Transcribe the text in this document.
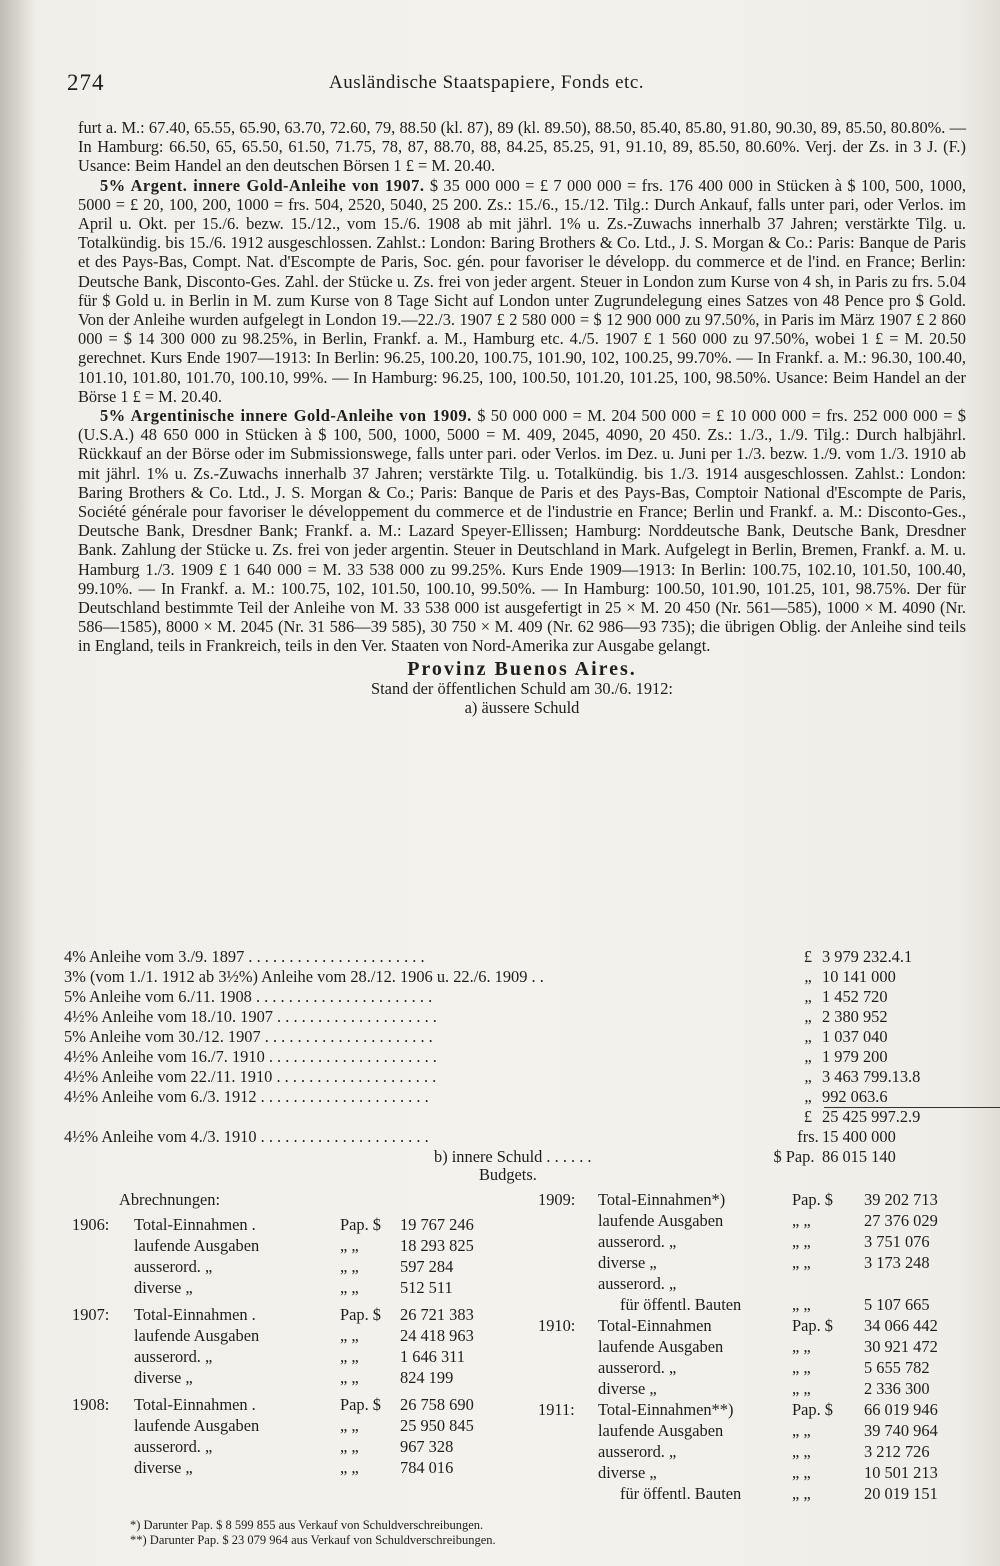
274	Ausländische Staatspapiere, Fonds etc.

furt a. M.: 67.40, 65.55, 65.90, 63.70, 72.60, 79, 88.50 (kl. 87), 89 (kl. 89.50), 88.50, 85.40, 85.80, 91.80, 90.30, 89, 85.50, 80.80%. — In Hamburg: 66.50, 65, 65.50, 61.50, 71.75, 78, 87, 88.70, 88, 84.25, 85.25, 91, 91.10, 89, 85.50, 80.60%. Verj. der Zs. in 3 J. (F.) Usance: Beim Handel an den deutschen Börsen 1 £ = M. 20.40.

5% Argent. innere Gold-Anleihe von 1907. $ 35 000 000 = £ 7 000 000 = frs. 176 400 000 in Stücken à $ 100, 500, 1000, 5000 = £ 20, 100, 200, 1000 = frs. 504, 2520, 5040, 25 200. Zs.: 15./6., 15./12. Tilg.: Durch Ankauf, falls unter pari, oder Verlos. im April u. Okt. per 15./6. bezw. 15./12., vom 15./6. 1908 ab mit jährl. 1% u. Zs.-Zuwachs innerhalb 37 Jahren; verstärkte Tilg. u. Totalkündig. bis 15./6. 1912 ausgeschlossen. Zahlst.: London: Baring Brothers & Co. Ltd., J. S. Morgan & Co.: Paris: Banque de Paris et des Pays-Bas, Compt. Nat. d'Escompte de Paris, Soc. gén. pour favoriser le développ. du commerce et de l'ind. en France; Berlin: Deutsche Bank, Disconto-Ges. Zahl. der Stücke u. Zs. frei von jeder argent. Steuer in London zum Kurse von 4 sh, in Paris zu frs. 5.04 für $ Gold u. in Berlin in M. zum Kurse von 8 Tage Sicht auf London unter Zugrundelegung eines Satzes von 48 Pence pro $ Gold. Von der Anleihe wurden aufgelegt in London 19.—22./3. 1907 £ 2 580 000 = $ 12 900 000 zu 97.50%, in Paris im März 1907 £ 2 860 000 = $ 14 300 000 zu 98.25%, in Berlin, Frankf. a. M., Hamburg etc. 4./5. 1907 £ 1 560 000 zu 97.50%, wobei 1 £ = M. 20.50 gerechnet. Kurs Ende 1907—1913: In Berlin: 96.25, 100.20, 100.75, 101.90, 102, 100.25, 99.70%. — In Frankf. a. M.: 96.30, 100.40, 101.10, 101.80, 101.70, 100.10, 99%. — In Hamburg: 96.25, 100, 100.50, 101.20, 101.25, 100, 98.50%. Usance: Beim Handel an der Börse 1 £ = M. 20.40.

5% Argentinische innere Gold-Anleihe von 1909. $ 50 000 000 = M. 204 500 000 = £ 10 000 000 = frs. 252 000 000 = $ (U.S.A.) 48 650 000 in Stücken à $ 100, 500, 1000, 5000 = M. 409, 2045, 4090, 20 450. Zs.: 1./3., 1./9. Tilg.: Durch halbjährl. Rückkauf an der Börse oder im Submissionswege, falls unter pari. oder Verlos. im Dez. u. Juni per 1./3. bezw. 1./9. vom 1./3. 1910 ab mit jährl. 1% u. Zs.-Zuwachs innerhalb 37 Jahren; verstärkte Tilg. u. Totalkündig. bis 1./3. 1914 ausgeschlossen. Zahlst.: London: Baring Brothers & Co. Ltd., J. S. Morgan & Co.; Paris: Banque de Paris et des Pays-Bas, Comptoir National d'Escompte de Paris, Société générale pour favoriser le développement du commerce et de l'industrie en France; Berlin und Frankf. a. M.: Disconto-Ges., Deutsche Bank, Dresdner Bank; Frankf. a. M.: Lazard Speyer-Ellissen; Hamburg: Norddeutsche Bank, Deutsche Bank, Dresdner Bank. Zahlung der Stücke u. Zs. frei von jeder argentin. Steuer in Deutschland in Mark. Aufgelegt in Berlin, Bremen, Frankf. a. M. u. Hamburg 1./3. 1909 £ 1 640 000 = M. 33 538 000 zu 99.25%. Kurs Ende 1909—1913: In Berlin: 100.75, 102.10, 101.50, 100.40, 99.10%. — In Frankf. a. M.: 100.75, 102, 101.50, 100.10, 99.50%. — In Hamburg: 100.50, 101.90, 101.25, 101, 98.75%. Der für Deutschland bestimmte Teil der Anleihe von M. 33 538 000 ist ausgefertigt in 25 × M. 20 450 (Nr. 561—585), 1000 × M. 4090 (Nr. 586—1585), 8000 × M. 2045 (Nr. 31 586—39 585), 30 750 × M. 409 (Nr. 62 986—93 735); die übrigen Oblig. der Anleihe sind teils in England, teils in Frankreich, teils in den Ver. Staaten von Nord-Amerika zur Ausgabe gelangt.

Provinz Buenos Aires.
Stand der öffentlichen Schuld am 30./6. 1912:
a) äussere Schuld
4% Anleihe vom 3./9. 1897 . . . . . . . . . . . . . . . . . . . . . .	£ 3 979 232.4.1
3% (vom 1./1. 1912 ab 3½%) Anleihe vom 28./12. 1906 u. 22./6. 1909 . .	„ 10 141 000
5% Anleihe vom 6./11. 1908 . . . . . . . . . . . . . . . . . . . . . .	„ 1 452 720
4½% Anleihe vom 18./10. 1907 . . . . . . . . . . . . . . . . . . . .	„ 2 380 952
5% Anleihe vom 30./12. 1907 . . . . . . . . . . . . . . . . . . . . .	„ 1 037 040
4½% Anleihe vom 16./7. 1910 . . . . . . . . . . . . . . . . . . . . .	„ 1 979 200
4½% Anleihe vom 22./11. 1910 . . . . . . . . . . . . . . . . . . . .	„ 3 463 799.13.8
4½% Anleihe vom 6./3. 1912 . . . . . . . . . . . . . . . . . . . . .	„ 992 063.6
£ 25 425 997.2.9
4½% Anleihe vom 4./3. 1910 . . . . . . . . . . . . . . . . . . . . .	frs. 15 400 000
b) innere Schuld . . . . . .	$ Pap. 86 015 140
Budgets.
Abrechnungen:
1906: Total-Einnahmen .	Pap. $ 19 767 246
laufende Ausgaben	„ „	18 293 825
ausserord. „	„ „	597 284
diverse „	„ „	512 511
1907: Total-Einnahmen .	Pap. $ 26 721 383
laufende Ausgaben	„ „	24 418 963
ausserord. „	„ „	1 646 311
diverse „	„ „	824 199
1908: Total-Einnahmen .	Pap. $ 26 758 690
laufende Ausgaben	„ „	25 950 845
ausserord. „	„ „	967 328
diverse „	„ „	784 016
1909: Total-Einnahmen*)	Pap. $ 39 202 713
laufende Ausgaben	„ „	27 376 029
ausserord. „	„ „	3 751 076
diverse „	„ „	3 173 248
ausserord. „
für öffentl. Bauten	„ „	5 107 665
1910: Total-Einnahmen	Pap. $ 34 066 442
laufende Ausgaben	„ „	30 921 472
ausserord. „	„ „	5 655 782
diverse „	„ „	2 336 300
1911: Total-Einnahmen**)	Pap. $ 66 019 946
laufende Ausgaben	„ „	39 740 964
ausserord. „	„ „	3 212 726
diverse „	„ „	10 501 213
für öffentl. Bauten	„ „	20 019 151
*) Darunter Pap. $ 8 599 855 aus Verkauf von Schuldverschreibungen.
**) Darunter Pap. $ 23 079 964 aus Verkauf von Schuldverschreibungen.
